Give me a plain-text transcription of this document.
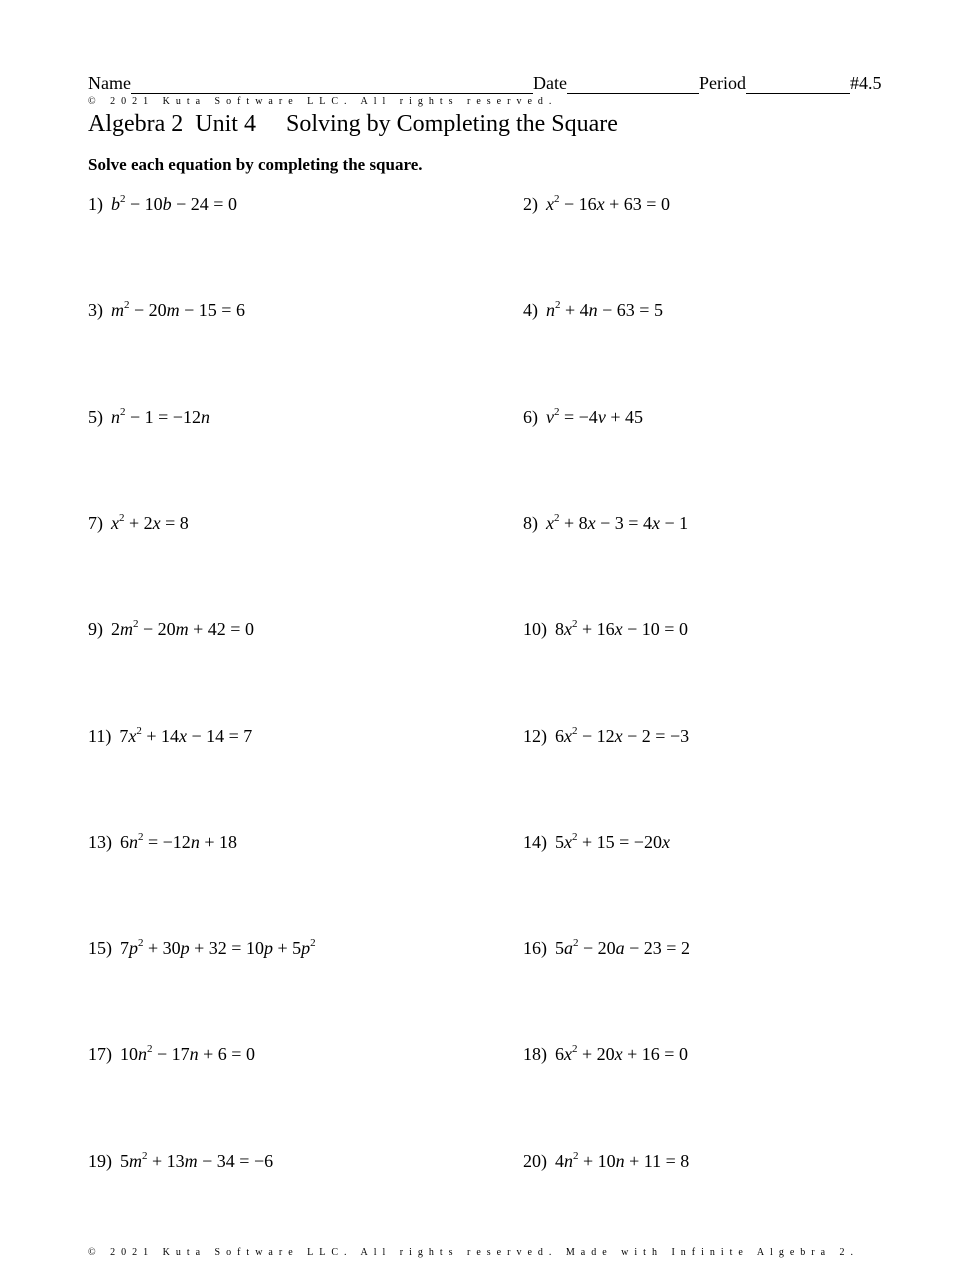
Name	Date	Period	#4.5
© 2021 Kuta Software LLC. All rights reserved.
Algebra 2  Unit 4     Solving by Completing the Square
Solve each equation by completing the square.
1) $b^2 - 10b - 24 = 0$	2) $x^2 - 16x + 63 = 0$
3) $m^2 - 20m - 15 = 6$	4) $n^2 + 4n - 63 = 5$
5) $n^2 - 1 = -12n$	6) $v^2 = -4v + 45$
7) $x^2 + 2x = 8$	8) $x^2 + 8x - 3 = 4x - 1$
9) $2m^2 - 20m + 42 = 0$	10) $8x^2 + 16x - 10 = 0$
11) $7x^2 + 14x - 14 = 7$	12) $6x^2 - 12x - 2 = -3$
13) $6n^2 = -12n + 18$	14) $5x^2 + 15 = -20x$
15) $7p^2 + 30p + 32 = 10p + 5p^2$	16) $5a^2 - 20a - 23 = 2$
17) $10n^2 - 17n + 6 = 0$	18) $6x^2 + 20x + 16 = 0$
19) $5m^2 + 13m - 34 = -6$	20) $4n^2 + 10n + 11 = 8$
© 2021 Kuta Software LLC. All rights reserved. Made with Infinite Algebra 2.
